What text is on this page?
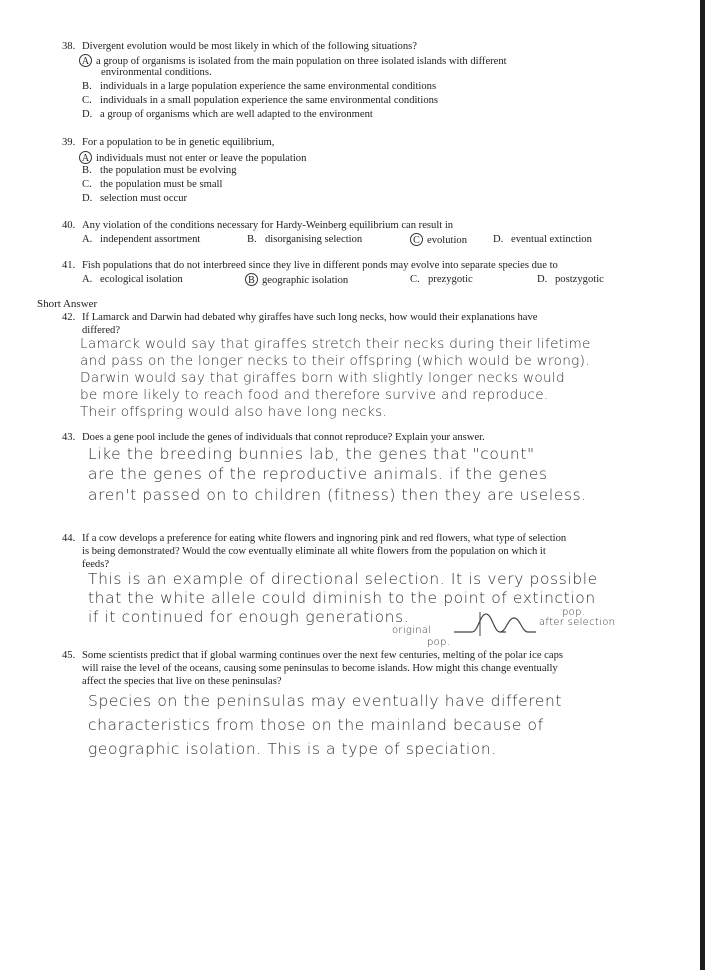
38. Divergent evolution would be most likely in which of the following situations?
A a group of organisms is isolated from the main population on three isolated islands with different
environmental conditions.
B. individuals in a large population experience the same environmental conditions
C. individuals in a small population experience the same environmental conditions
D. a group of organisms which are well adapted to the environment
39. For a population to be in genetic equilibrium,
A individuals must not enter or leave the population
B. the population must be evolving
C. the population must be small
D. selection must occur
40. Any violation of the conditions necessary for Hardy-Weinberg equilibrium can result in
A. independent assortment	B. disorganising selection	C evolution D. eventual extinction
41. Fish populations that do not interbreed since they live in different ponds may evolve into separate species due to
A. ecological isolation	B geographic isolation	C. prezygotic	D. postzygotic
Short Answer
42. If Lamarck and Darwin had debated why giraffes have such long necks, how would their explanations have
differed?
Lamarck would say that giraffes stretch their necks during their lifetime
and pass on the longer necks to their offspring (which would be wrong).
Darwin would say that giraffes born with slightly longer necks would
be more likely to reach food and therefore survive and reproduce.
Their offspring would also have long necks.
43. Does a gene pool include the genes of individuals that connot reproduce? Explain your answer.
Like the breeding bunnies lab, the genes that "count"
are the genes of the reproductive animals. if the genes
aren't passed on to children (fitness) then they are useless.
44. If a cow develops a preference for eating white flowers and ingnoring pink and red flowers, what type of selection
is being demonstrated? Would the cow eventually eliminate all white flowers from the population on which it
feeds?
This is an example of directional selection. It is very possible
that the white allele could diminish to the point of extinction
if it continued for enough generations.
original
pop.
pop.
after selection
45. Some scientists predict that if global warming continues over the next few centuries, melting of the polar ice caps
will raise the level of the oceans, causing some peninsulas to become islands. How might this change eventually
affect the species that live on these peninsulas?
Species on the peninsulas may eventually have different
characteristics from those on the mainland because of
geographic isolation. This is a type of speciation.
